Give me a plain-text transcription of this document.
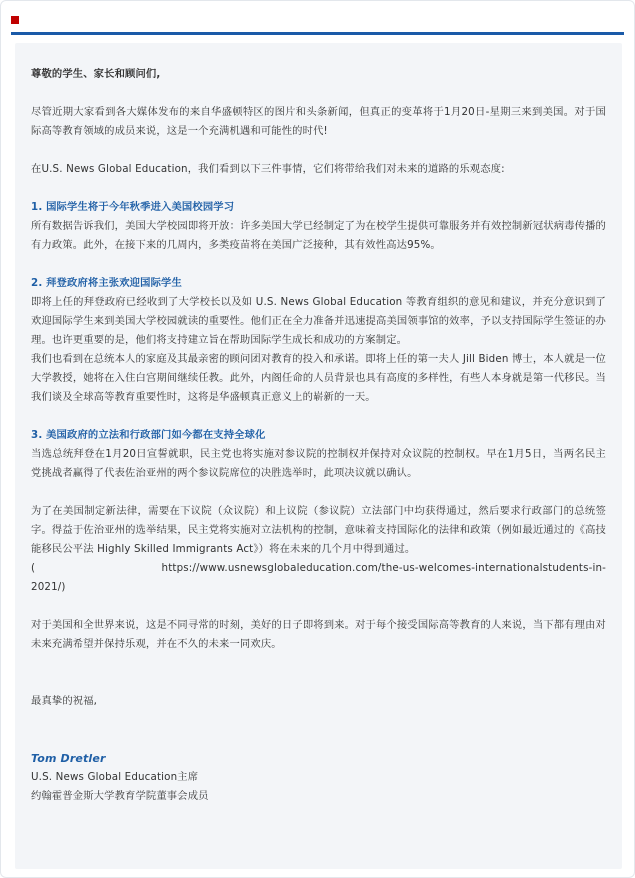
尊敬的学生、家长和顾问们,

尽管近期大家看到各大媒体发布的来自华盛顿特区的图片和头条新闻，但真正的变革将于1月20日-星期三来到美国。对于国际高等教育领域的成员来说，这是一个充满机遇和可能性的时代!

在U.S. News Global Education，我们看到以下三件事情，它们将带给我们对未来的道路的乐观态度:

1. 国际学生将于今年秋季进入美国校园学习

所有数据告诉我们，美国大学校园即将开放：许多美国大学已经制定了为在校学生提供可靠服务并有效控制新冠状病毒传播的有力政策。此外，在接下来的几周内，多类疫苗将在美国广泛接种，其有效性高达95%。

2. 拜登政府将主张欢迎国际学生

即将上任的拜登政府已经收到了大学校长以及如 U.S. News Global Education 等教育组织的意见和建议，并充分意识到了欢迎国际学生来到美国大学校园就读的重要性。他们正在全力准备并迅速提高美国领事馆的效率，予以支持国际学生签证的办理。也许更重要的是，他们将支持建立旨在帮助国际学生成长和成功的方案制定。

我们也看到在总统本人的家庭及其最亲密的顾问团对教育的投入和承诺。即将上任的第一夫人 Jill Biden 博士，本人就是一位大学教授，她将在入住白宫期间继续任教。此外，内阁任命的人员背景也具有高度的多样性，有些人本身就是第一代移民。当我们谈及全球高等教育重要性时，这将是华盛顿真正意义上的崭新的一天。

3. 美国政府的立法和行政部门如今都在支持全球化

当选总统拜登在1月20日宣誓就职，民主党也将实施对参议院的控制权并保持对众议院的控制权。早在1月5日，当两名民主党挑战者赢得了代表佐治亚州的两个参议院席位的决胜选举时，此项决议就以确认。

为了在美国制定新法律，需要在下议院（众议院）和上议院（参议院）立法部门中均获得通过，然后要求行政部门的总统签字。得益于佐治亚州的选举结果，民主党将实施对立法机构的控制，意味着支持国际化的法律和政策（例如最近通过的《高技能移民公平法 Highly Skilled Immigrants Act》）将在未来的几个月中得到通过。

(	https://www.usnewsglobaleducation.com/the-us-welcomes-internationalstudents-in-

2021/)

对于美国和全世界来说，这是不同寻常的时刻，美好的日子即将到来。对于每个接受国际高等教育的人来说，当下都有理由对未来充满希望并保持乐观，并在不久的未来一同欢庆。

最真挚的祝福,

Tom Dretler

U.S. News Global Education主席

约翰霍普金斯大学教育学院董事会成员
